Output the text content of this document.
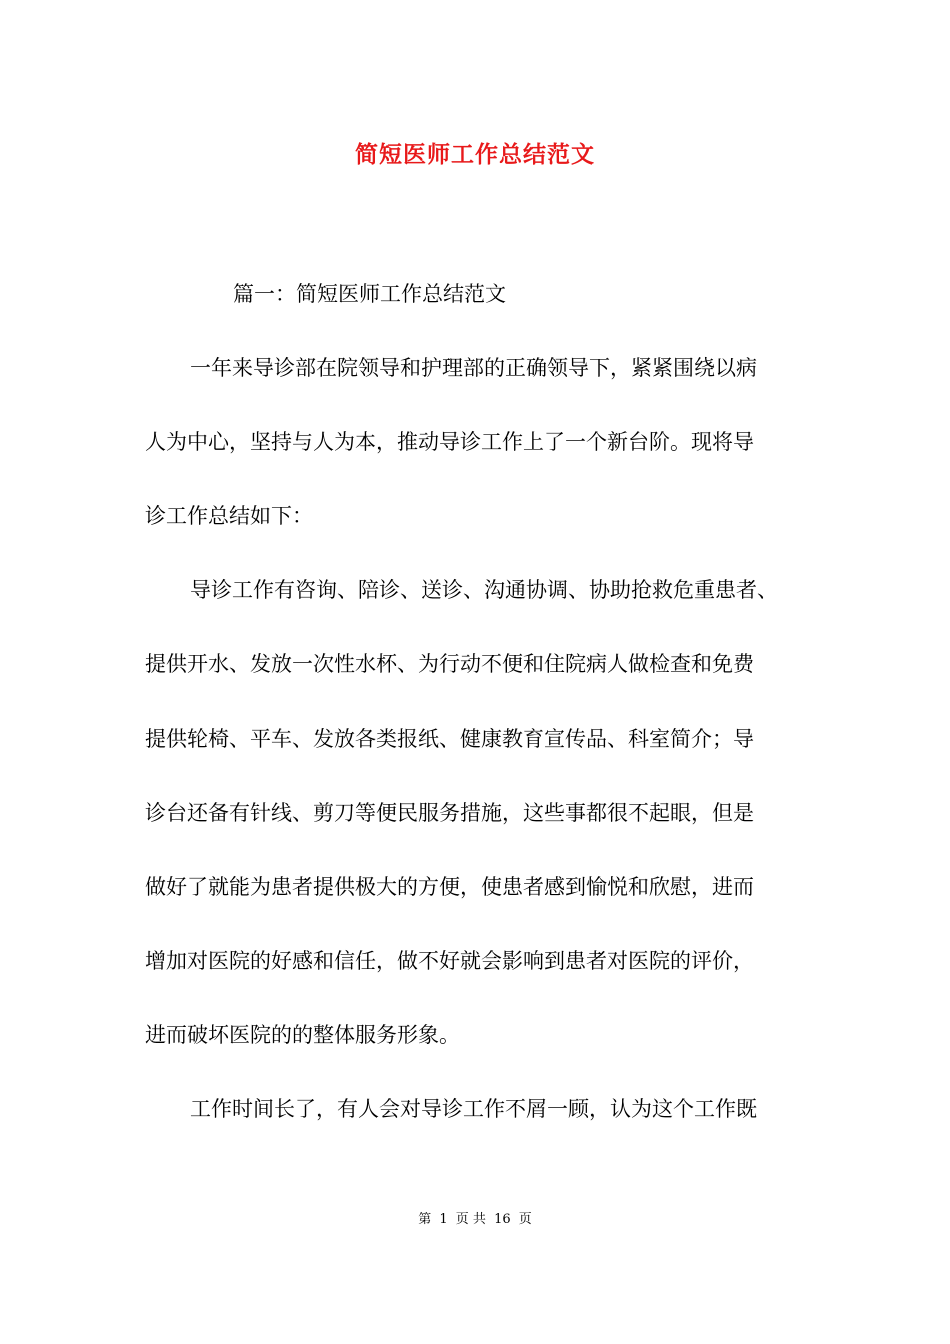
简短医师工作总结范文

篇一：简短医师工作总结范文

一年来导诊部在院领导和护理部的正确领导下，紧紧围绕以病

人为中心，坚持与人为本，推动导诊工作上了一个新台阶。现将导

诊工作总结如下：

导诊工作有咨询、陪诊、送诊、沟通协调、协助抢救危重患者、

提供开水、发放一次性水杯、为行动不便和住院病人做检查和免费

提供轮椅、平车、发放各类报纸、健康教育宣传品、科室简介；导

诊台还备有针线、剪刀等便民服务措施，这些事都很不起眼，但是

做好了就能为患者提供极大的方便，使患者感到愉悦和欣慰，进而

增加对医院的好感和信任，做不好就会影响到患者对医院的评价，

进而破坏医院的的整体服务形象。

工作时间长了，有人会对导诊工作不屑一顾，认为这个工作既

第 1 页 共 16 页
